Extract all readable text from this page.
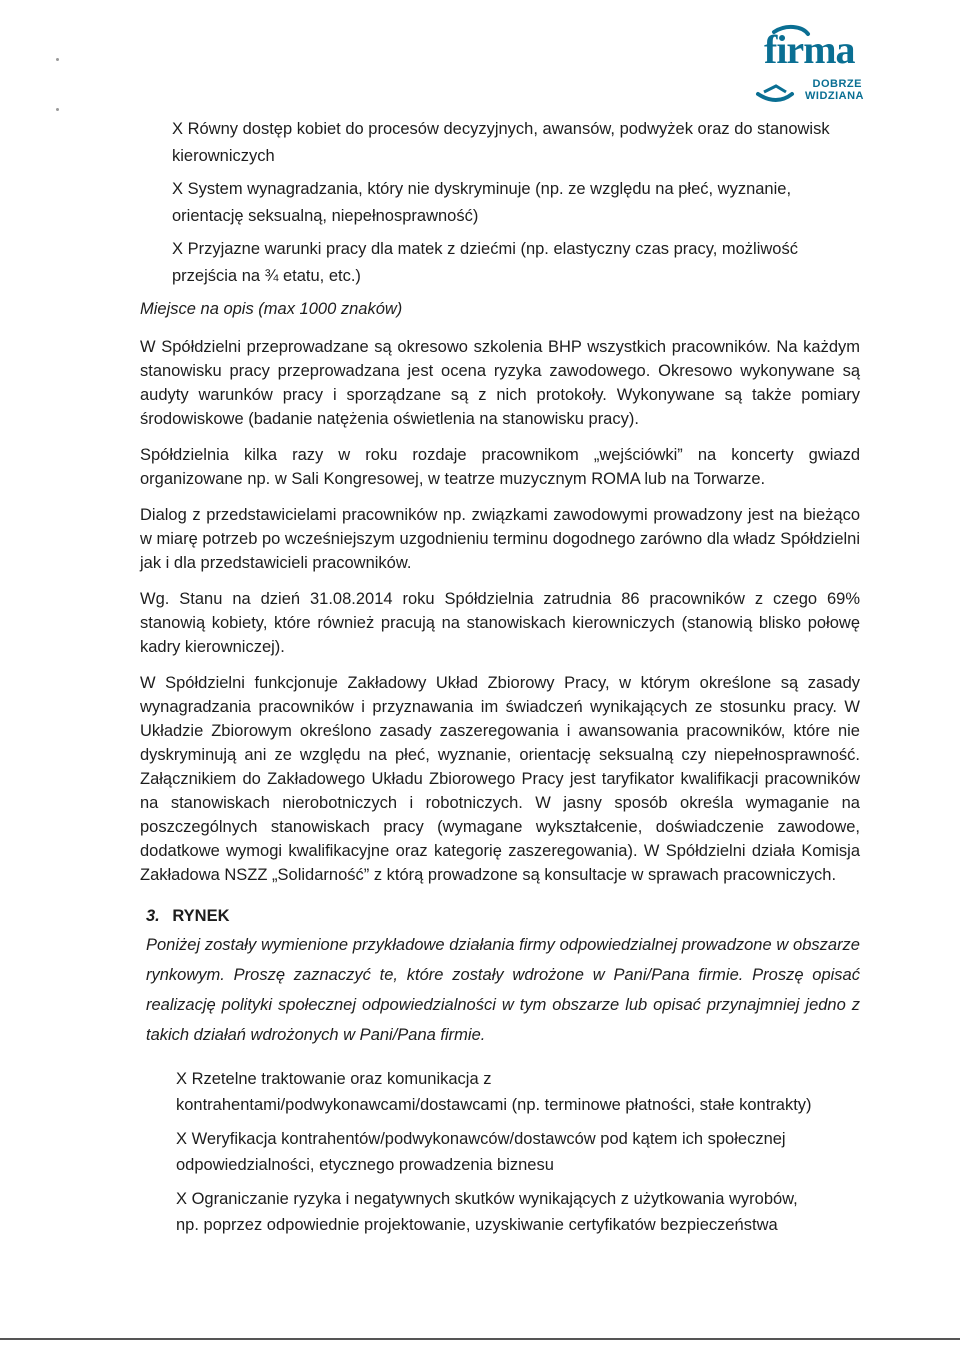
firma
DOBRZE
WIDZIANA

X Równy dostęp kobiet do procesów decyzyjnych, awansów, podwyżek oraz do stanowisk kierowniczych

X System wynagradzania, który nie dyskryminuje (np. ze względu na płeć, wyznanie, orientację seksualną, niepełnosprawność)

X Przyjazne warunki pracy dla matek z dziećmi (np. elastyczny czas pracy, możliwość przejścia na ¾ etatu, etc.)

Miejsce na opis (max 1000 znaków)

W Spółdzielni przeprowadzane są okresowo szkolenia BHP wszystkich pracowników. Na każdym stanowisku pracy przeprowadzana jest ocena ryzyka zawodowego. Okresowo wykonywane są audyty warunków pracy i sporządzane są z nich protokoły. Wykonywane są także pomiary środowiskowe (badanie natężenia oświetlenia na stanowisku pracy).

Spółdzielnia kilka razy w roku rozdaje pracownikom „wejściówki” na koncerty gwiazd organizowane np. w Sali Kongresowej, w teatrze muzycznym ROMA lub na Torwarze.

Dialog z przedstawicielami pracowników np. związkami zawodowymi prowadzony jest na bieżąco w miarę potrzeb po wcześniejszym uzgodnieniu terminu dogodnego zarówno dla władz Spółdzielni jak i dla przedstawicieli pracowników.

Wg. Stanu na dzień 31.08.2014 roku Spółdzielnia zatrudnia 86 pracowników z czego 69% stanowią kobiety, które również pracują na stanowiskach kierowniczych (stanowią blisko połowę kadry kierowniczej).

W Spółdzielni funkcjonuje Zakładowy Układ Zbiorowy Pracy, w którym określone są zasady wynagradzania pracowników i przyznawania im świadczeń wynikających ze stosunku pracy. W Układzie Zbiorowym określono zasady zaszeregowania i awansowania pracowników, które nie dyskryminują ani ze względu na płeć, wyznanie, orientację seksualną czy niepełnosprawność. Załącznikiem do Zakładowego Układu Zbiorowego Pracy jest taryfikator kwalifikacji pracowników na stanowiskach nierobotniczych i robotniczych. W jasny sposób określa wymaganie na poszczególnych stanowiskach pracy (wymagane wykształcenie, doświadczenie zawodowe, dodatkowe wymogi kwalifikacyjne oraz kategorię zaszeregowania). W Spółdzielni działa Komisja Zakładowa NSZZ „Solidarność” z którą prowadzone są konsultacje w sprawach pracowniczych.

3. RYNEK

Poniżej zostały wymienione przykładowe działania firmy odpowiedzialnej prowadzone w obszarze rynkowym. Proszę zaznaczyć te, które zostały wdrożone w Pani/Pana firmie. Proszę opisać realizację polityki społecznej odpowiedzialności w tym obszarze lub opisać przynajmniej jedno z takich działań wdrożonych w Pani/Pana firmie.

X Rzetelne traktowanie oraz komunikacja z kontrahentami/podwykonawcami/dostawcami (np. terminowe płatności, stałe kontrakty)

X Weryfikacja kontrahentów/podwykonawców/dostawców pod kątem ich społecznej odpowiedzialności, etycznego prowadzenia biznesu

X Ograniczanie ryzyka i negatywnych skutków wynikających z użytkowania wyrobów, np. poprzez odpowiednie projektowanie, uzyskiwanie certyfikatów bezpieczeństwa
